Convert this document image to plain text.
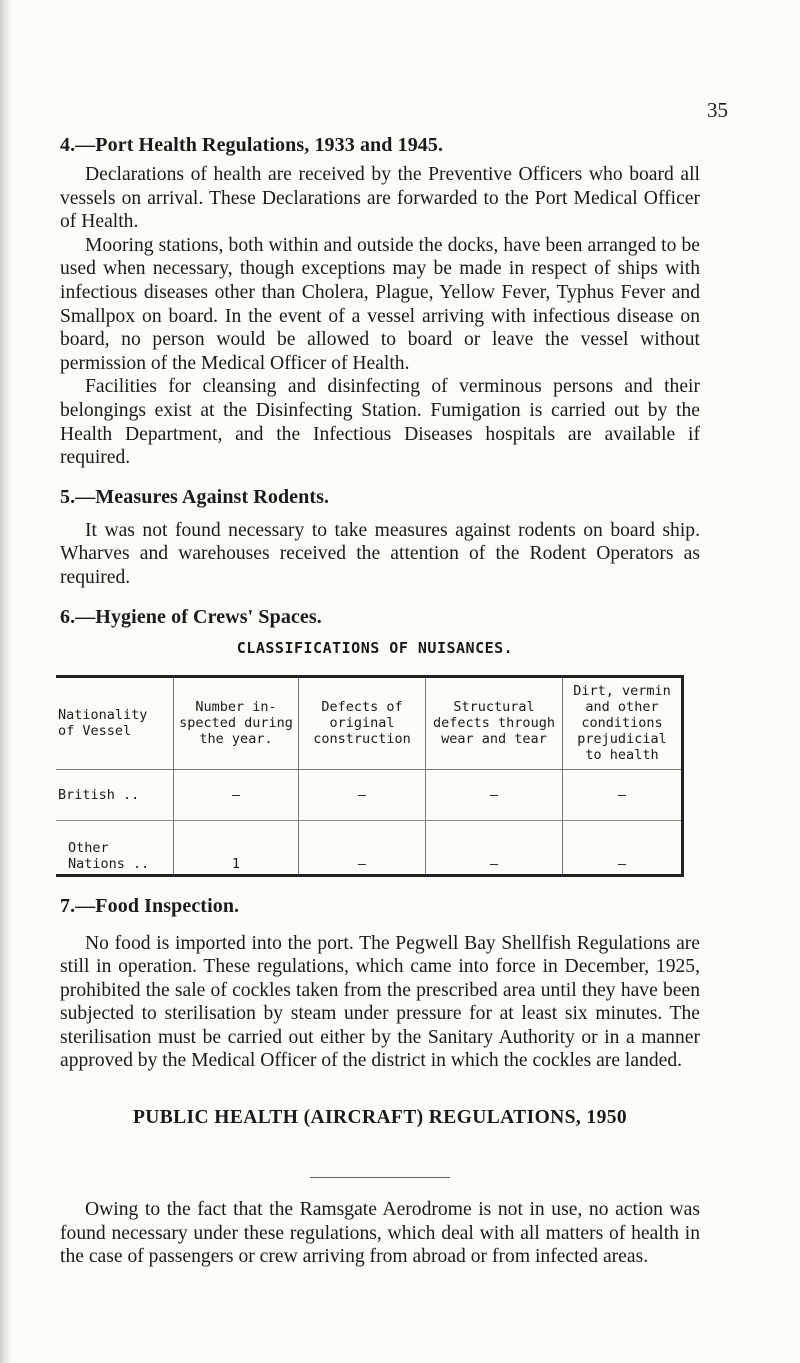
35
4.—Port Health Regulations, 1933 and 1945.

Declarations of health are received by the Preventive Officers who board all vessels on arrival. These Declarations are forwarded to the Port Medical Officer of Health.

Mooring stations, both within and outside the docks, have been arranged to be used when necessary, though exceptions may be made in respect of ships with infectious diseases other than Cholera, Plague, Yellow Fever, Typhus Fever and Smallpox on board. In the event of a vessel arriving with infectious disease on board, no person would be allowed to board or leave the vessel without permission of the Medical Officer of Health.

Facilities for cleansing and disinfecting of verminous persons and their belongings exist at the Disinfecting Station. Fumigation is carried out by the Health Department, and the Infectious Diseases hospitals are available if required.

5.—Measures Against Rodents.

It was not found necessary to take measures against rodents on board ship. Wharves and warehouses received the attention of the Rodent Operators as required.

6.—Hygiene of Crews' Spaces.
CLASSIFICATIONS OF NUISANCES.
Nationality of Vessel	Number in-spected during the year.	Defects of original construction	Structural defects through wear and tear	Dirt, vermin and other conditions prejudicial to health
British ..	—	—	—	—

Other
Nations ..	1	—	—	—
7.—Food Inspection.

No food is imported into the port. The Pegwell Bay Shellfish Regulations are still in operation. These regulations, which came into force in December, 1925, prohibited the sale of cockles taken from the prescribed area until they have been subjected to sterilisation by steam under pressure for at least six minutes. The sterilisation must be carried out either by the Sanitary Authority or in a manner approved by the Medical Officer of the district in which the cockles are landed.

PUBLIC HEALTH (AIRCRAFT) REGULATIONS, 1950

Owing to the fact that the Ramsgate Aerodrome is not in use, no action was found necessary under these regulations, which deal with all matters of health in the case of passengers or crew arriving from abroad or from infected areas.
